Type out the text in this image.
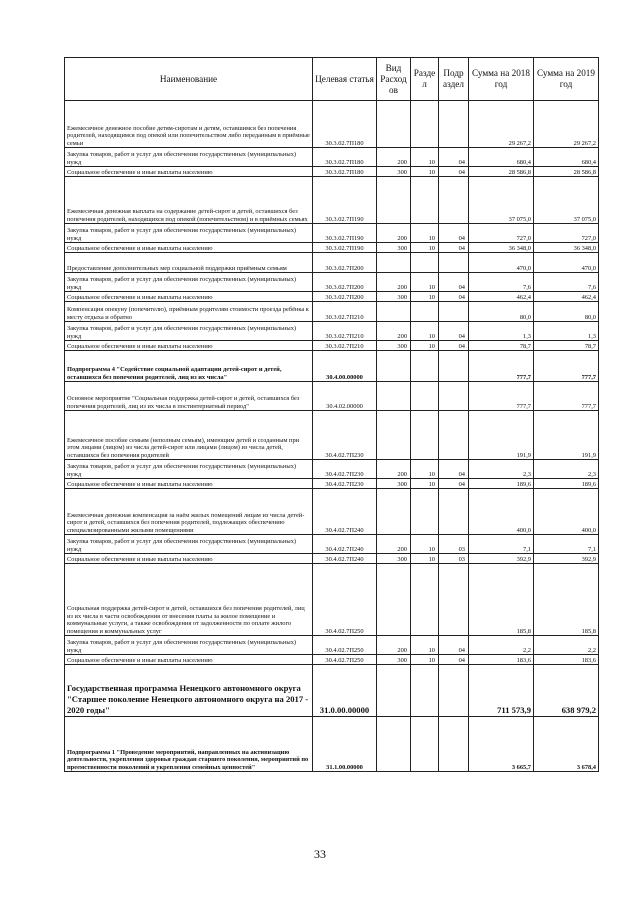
Наименование	Целевая статья	Вид Расход ов	Разде л	Подр аздел	Сумма на 2018 год	Сумма на 2019 год
Ежемесячное денежное пособие детям-сиротам и детям, оставшимся без попечения родителей, находящимся под опекой или попечительством либо переданным в приёмные семьи	30.3.02.7П180				29 267,2	29 267,2
Закупка товаров, работ и услуг для обеспечения государственных (муниципальных) нужд	30.3.02.7П180	200	10	04	680,4	680,4
Социальное обеспечение и иные выплаты населению	30.3.02.7П180	300	10	04	28 586,8	28 586,8
Ежемесячная денежная выплата на содержание детей-сирот и детей, оставшихся без попечения родителей, находящихся под опекой (попечительством) и в приёмных семьях	30.3.02.7П190				37 075,0	37 075,0
Закупка товаров, работ и услуг для обеспечения государственных (муниципальных) нужд	30.3.02.7П190	200	10	04	727,0	727,0
Социальное обеспечение и иные выплаты населению	30.3.02.7П190	300	10	04	36 348,0	36 348,0
Предоставление дополнительных мер социальной поддержки приёмным семьям	30.3.02.7П200				470,0	470,0
Закупка товаров, работ и услуг для обеспечения государственных (муниципальных) нужд	30.3.02.7П200	200	10	04	7,6	7,6
Социальное обеспечение и иные выплаты населению	30.3.02.7П200	300	10	04	462,4	462,4
Компенсация опекуну (попечителю), приёмным родителям стоимости проезда ребёнка к месту отдыха и обратно	30.3.02.7П210				80,0	80,0
Закупка товаров, работ и услуг для обеспечения государственных (муниципальных) нужд	30.3.02.7П210	200	10	04	1,3	1,3
Социальное обеспечение и иные выплаты населению	30.3.02.7П210	300	10	04	78,7	78,7
Подпрограмма 4 "Содействие социальной адаптации детей-сирот и детей, оставшихся без попечения родителей, лиц из их числа"	30.4.00.00000				777,7	777,7
Основное мероприятие "Социальная поддержка детей-сирот и детей, оставшихся без попечения родителей, лиц из их числа в постинтернатный период"	30.4.02.00000				777,7	777,7
Ежемесячное пособие семьям (неполным семьям), имеющим детей и созданным при этом лицами (лицом) из числа детей-сирот или лицами (лицом) из числа детей, оставшихся без попечения родителей	30.4.02.7П230				191,9	191,9
Закупка товаров, работ и услуг для обеспечения государственных (муниципальных) нужд	30.4.02.7П230	200	10	04	2,3	2,3
Социальное обеспечение и иные выплаты населению	30.4.02.7П230	300	10	04	189,6	189,6
Ежемесячная денежная компенсация за наём жилых помещений лицам из числа детей-сирот и детей, оставшихся без попечения родителей, подлежащих обеспечению специализированными жилыми помещениями	30.4.02.7П240				400,0	400,0
Закупка товаров, работ и услуг для обеспечения государственных (муниципальных) нужд	30.4.02.7П240	200	10	03	7,1	7,1
Социальное обеспечение и иные выплаты населению	30.4.02.7П240	300	10	03	392,9	392,9
Социальная поддержка детей-сирот и детей, оставшихся без попечения родителей, лиц из их числа в части освобождения от внесения платы за жилое помещение и коммунальные услуги, а также освобождения от задолженности по оплате жилого помещения и коммунальных услуг	30.4.02.7П250				185,8	185,8
Закупка товаров, работ и услуг для обеспечения государственных (муниципальных) нужд	30.4.02.7П250	200	10	04	2,2	2,2
Социальное обеспечение и иные выплаты населению	30.4.02.7П250	300	10	04	183,6	183,6
Государственная программа Ненецкого автономного округа "Старшее поколение Ненецкого автономного округа на 2017 - 2020 годы"	31.0.00.00000				711 573,9	638 979,2
Подпрограмма 1 "Проведение мероприятий, направленных на активизацию деятельности, укрепления здоровья граждан старшего поколения, мероприятий по преемственности поколений и укрепления семейных ценностей"	31.1.00.00000				3 665,7	3 678,4
33
